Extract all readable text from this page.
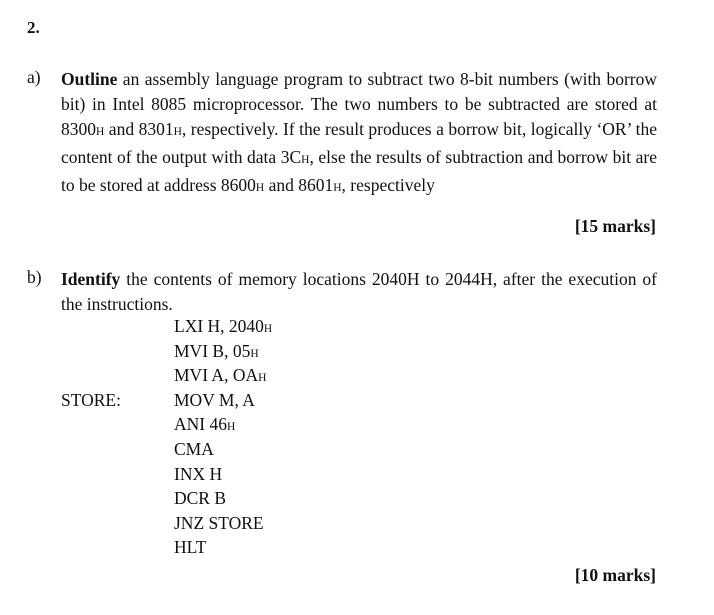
2.
a) Outline an assembly language program to subtract two 8-bit numbers (with borrow bit) in Intel 8085 microprocessor. The two numbers to be subtracted are stored at 8300H and 8301H, respectively. If the result produces a borrow bit, logically ‘OR’ the content of the output with data 3CH, else the results of subtraction and borrow bit are to be stored at address 8600H and 8601H, respectively
[15 marks]
b) Identify the contents of memory locations 2040H to 2044H, after the execution of the instructions.
LXI H, 2040H
MVI B, 05H
MVI A, OAH
STORE:	MOV M, A
ANI 46H
CMA
INX H
DCR B
JNZ STORE
HLT
[10 marks]
